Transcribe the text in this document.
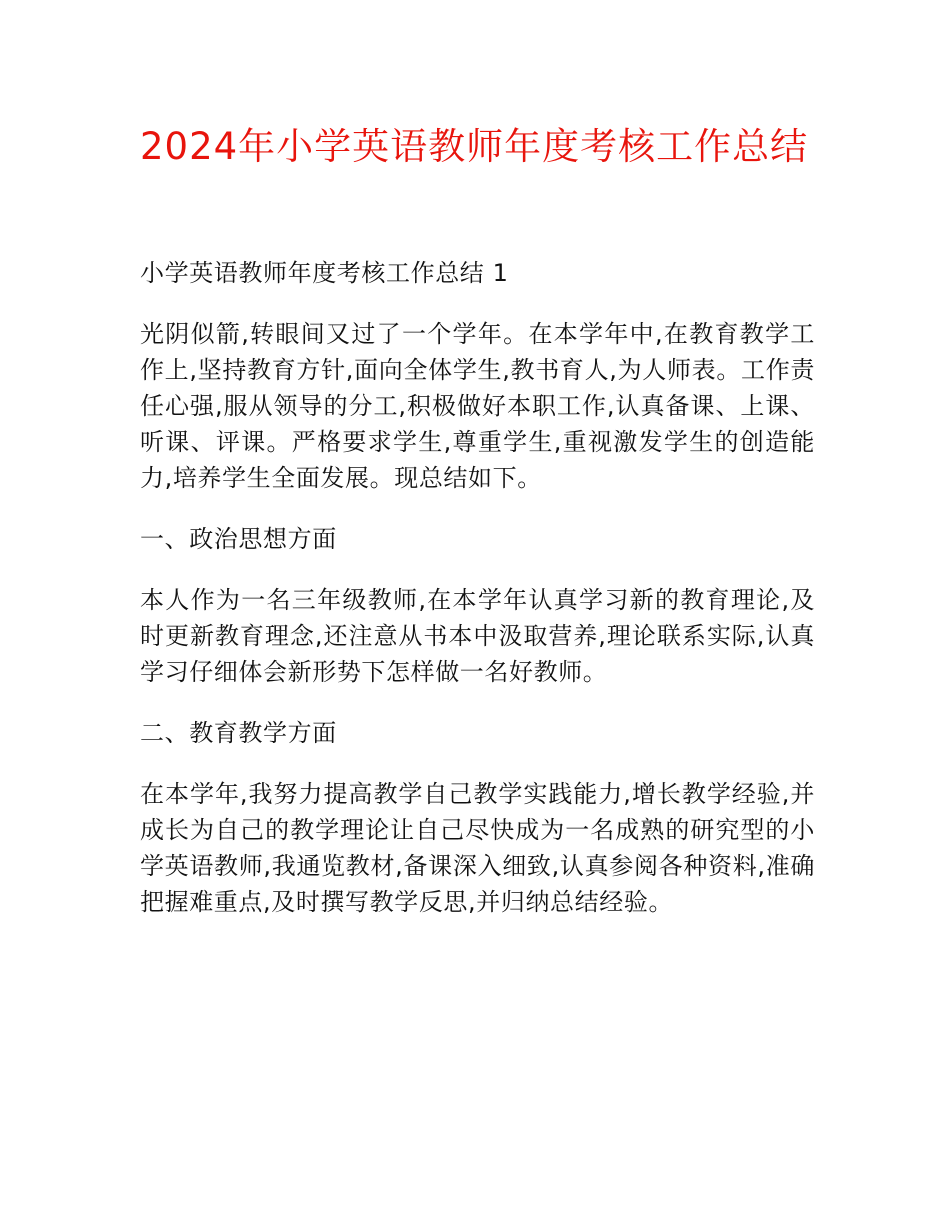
2024年小学英语教师年度考核工作总结

小学英语教师年度考核工作总结 1

光阴似箭,转眼间又过了一个学年。在本学年中,在教育教学工作上,坚持教育方针,面向全体学生,教书育人,为人师表。工作责任心强,服从领导的分工,积极做好本职工作,认真备课、上课、听课、评课。严格要求学生,尊重学生,重视激发学生的创造能力,培养学生全面发展。现总结如下。

一、政治思想方面

本人作为一名三年级教师,在本学年认真学习新的教育理论,及时更新教育理念,还注意从书本中汲取营养,理论联系实际,认真学习仔细体会新形势下怎样做一名好教师。

二、教育教学方面

在本学年,我努力提高教学自己教学实践能力,增长教学经验,并成长为自己的教学理论让自己尽快成为一名成熟的研究型的小学英语教师,我通览教材,备课深入细致,认真参阅各种资料,准确把握难重点,及时撰写教学反思,并归纳总结经验。
